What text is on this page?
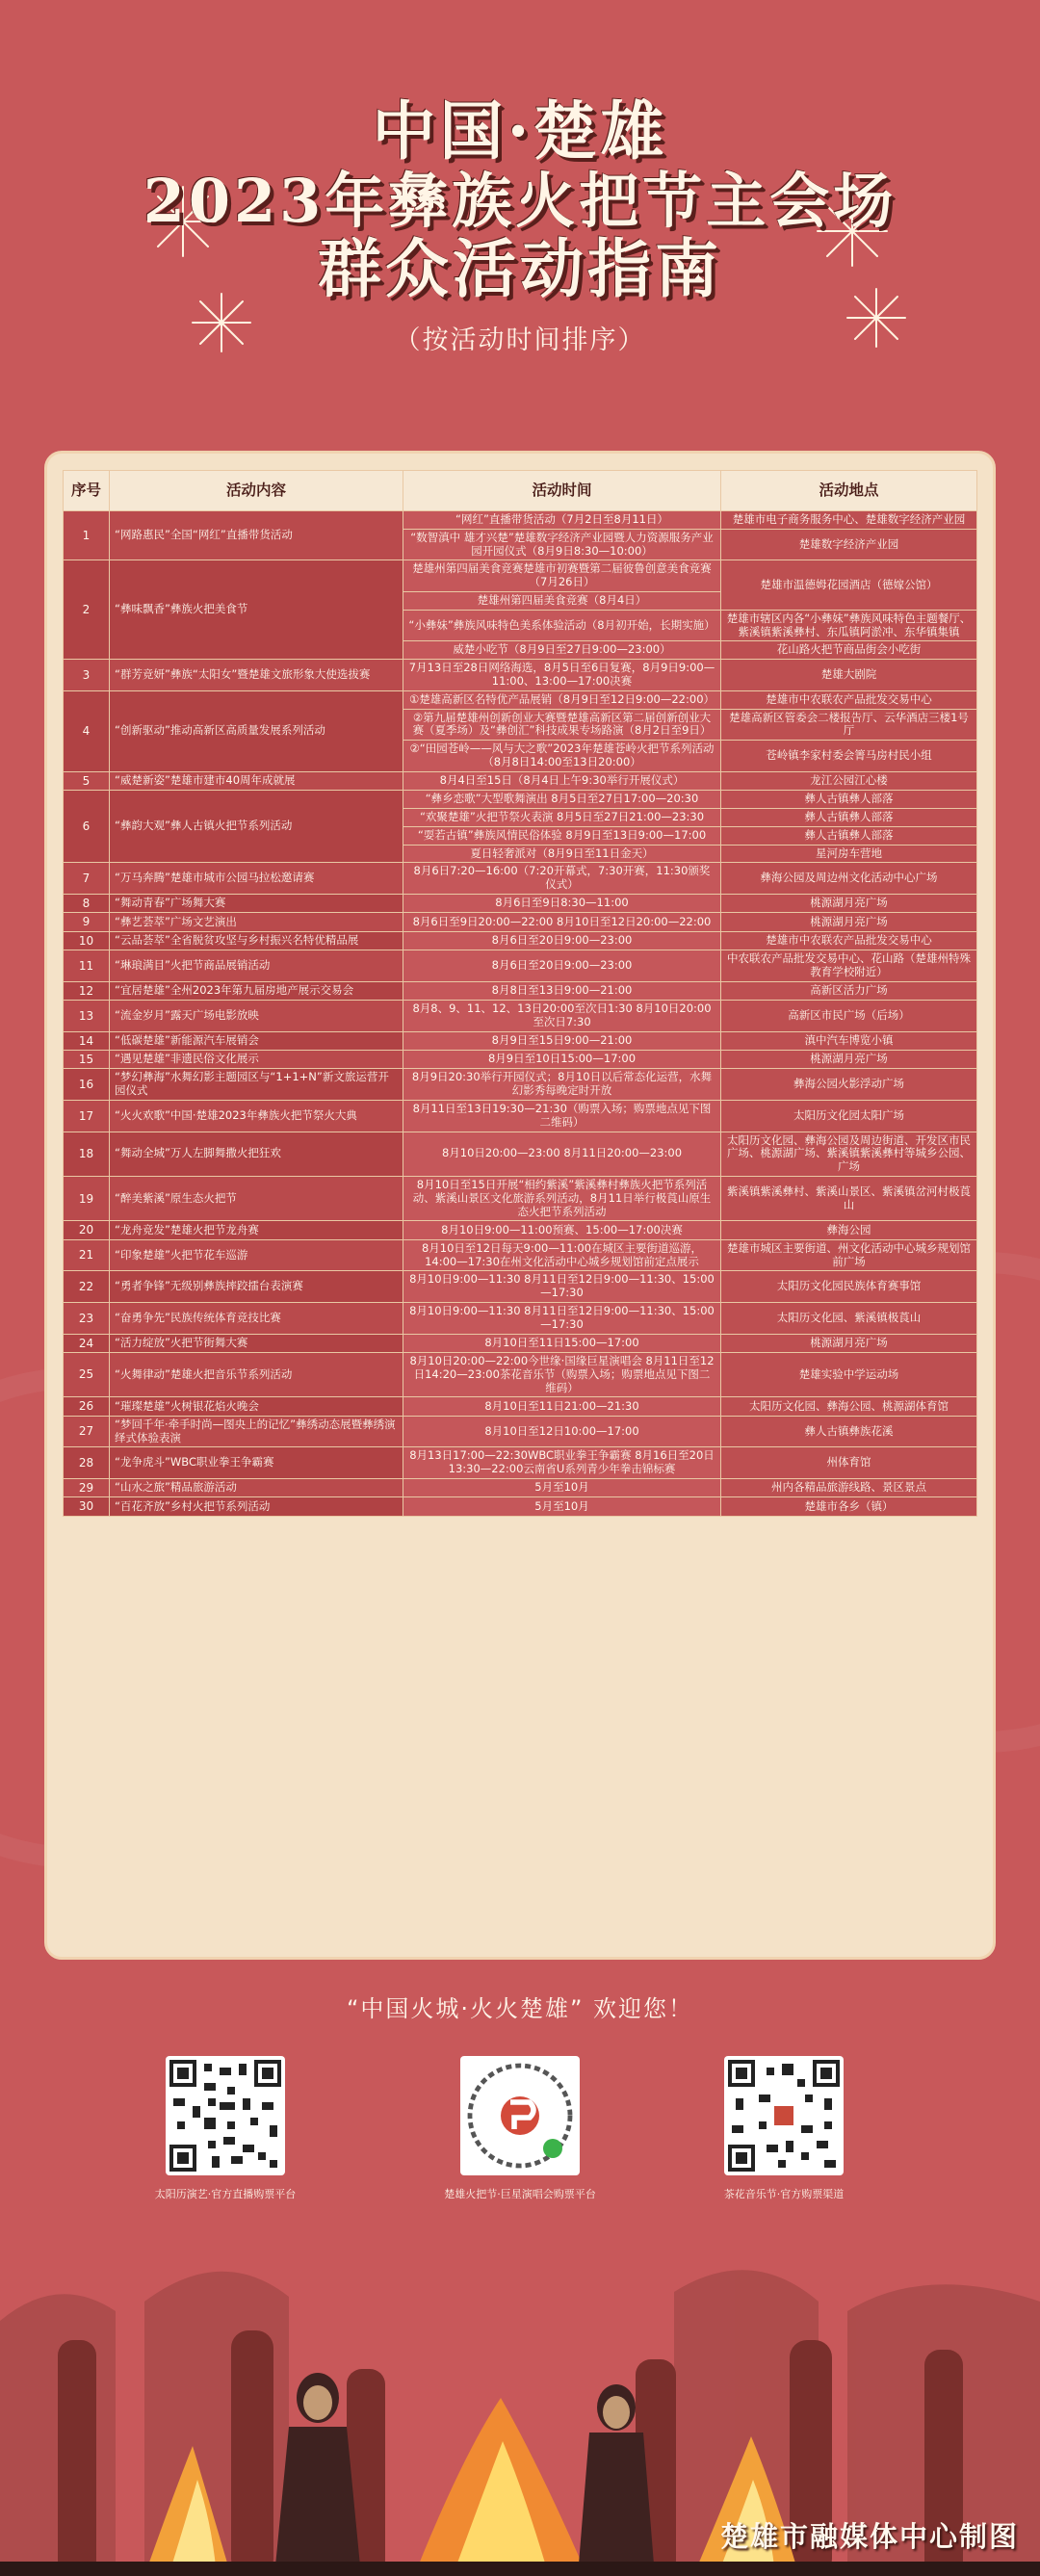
中国·楚雄
2023年彝族火把节主会场
群众活动指南
（按活动时间排序）
序号	活动内容	活动时间	活动地点
1	“网路惠民”全国“网红”直播带货活动	“网红”直播带货活动（7月2日至8月11日）	楚雄市电子商务服务中心、楚雄数字经济产业园
		“数智滇中 雄才兴楚”楚雄数字经济产业园暨人力资源服务产业园开园仪式（8月9日8:30—10:00）	楚雄数字经济产业园
2	“彝味飘香”彝族火把美食节	楚雄州第四届美食竞赛楚雄市初赛暨第二届彼鲁创意美食竞赛（7月26日）	楚雄市温德姆花园酒店（德嫁公馆）
		楚雄州第四届美食竞赛（8月4日）	
		“小彝妹”彝族风味特色美系体验活动（8月初开始，长期实施）	楚雄市辖区内各“小彝妹”彝族风味特色主题餐厅、紫溪镇紫溪彝村、东瓜镇阿淤冲、东华镇集镇
		威楚小吃节（8月9日至27日9:00—23:00）	花山路火把节商品街会小吃街
3	“群芳竞妍”彝族“太阳女”暨楚雄文旅形象大使选拔赛	7月13日至28日网络海选，8月5日至6日复赛，8月9日9:00—11:00、13:00—17:00决赛	楚雄大剧院
4	“创新驱动”推动高新区高质量发展系列活动	①楚雄高新区名特优产品展销（8月9日至12日9:00—22:00）	楚雄市中农联农产品批发交易中心
		②第九届楚雄州创新创业大赛暨楚雄高新区第二届创新创业大赛（夏季场）及“彝创汇”科技成果专场路演（8月2日至9日）	楚雄高新区管委会二楼报告厅、云华酒店三楼1号厅
		②“田园苍岭——风与大之歌”2023年楚雄苍岭火把节系列活动（8月8日14:00至13日20:00）	苍岭镇李家村委会箐马房村民小组
5	“威楚新姿”楚雄市建市40周年成就展	8月4日至15日（8月4日上午9:30举行开展仪式）	龙江公园江心楼
6	“彝韵大观”彝人古镇火把节系列活动	“彝乡恋歌”大型歌舞演出 8月5日至27日17:00—20:30	彝人古镇彝人部落
		“欢聚楚雄”火把节祭火表演 8月5日至27日21:00—23:30	彝人古镇彝人部落
		“耍若古镇”彝族风情民俗体验 8月9日至13日9:00—17:00	彝人古镇彝人部落
		夏日轻奢派对（8月9日至11日金天）	星河房车营地
7	“万马奔腾”楚雄市城市公园马拉松邀请赛	8月6日7:20—16:00（7:20开幕式，7:30开赛，11:30颁奖仪式）	彝海公园及周边州文化活动中心广场
8	“舞动青春”广场舞大赛	8月6日至9日8:30—11:00	桃源湖月亮广场
9	“彝艺荟萃”广场文艺演出	8月6日至9日20:00—22:00 8月10日至12日20:00—22:00	桃源湖月亮广场
10	“云品荟萃”全省脱贫攻坚与乡村振兴名特优精品展	8月6日至20日9:00—23:00	楚雄市中农联农产品批发交易中心
11	“琳琅满目”火把节商品展销活动	8月6日至20日9:00—23:00	中农联农产品批发交易中心、花山路（楚雄州特殊教育学校附近）
12	“宜居楚雄”全州2023年第九届房地产展示交易会	8月8日至13日9:00—21:00	高新区活力广场
13	“流金岁月”露天广场电影放映	8月8、9、11、12、13日20:00至次日1:30 8月10日20:00至次日7:30	高新区市民广场（后场）
14	“低碳楚雄”新能源汽车展销会	8月9日至15日9:00—21:00	滇中汽车博览小镇
15	“遇见楚雄”非遗民俗文化展示	8月9日至10日15:00—17:00	桃源湖月亮广场
16	“梦幻彝海”水舞幻影主题园区与“1+1+N”新文旅运营开园仪式	8月9日20:30举行开园仪式；8月10日以后常态化运营，水舞幻影秀每晚定时开放	彝海公园火影浮动广场
17	“火火欢歌”中国·楚雄2023年彝族火把节祭火大典	8月11日至13日19:30—21:30（购票入场；购票地点见下图二维码）	太阳历文化园太阳广场
18	“舞动全城”万人左脚舞撒火把狂欢	8月10日20:00—23:00 8月11日20:00—23:00	太阳历文化园、彝海公园及周边街道、开发区市民广场、桃源湖广场、紫溪镇紫溪彝村等城乡公园、广场
19	“醉美紫溪”原生态火把节	8月10日至15日开展“相约紫溪”紫溪彝村彝族火把节系列活动、紫溪山景区文化旅游系列活动，8月11日举行极莨山原生态火把节系列活动	紫溪镇紫溪彝村、紫溪山景区、紫溪镇岔河村极莨山
20	“龙舟竞发”楚雄火把节龙舟赛	8月10日9:00—11:00预赛、15:00—17:00决赛	彝海公园
21	“印象楚雄”火把节花车巡游	8月10日至12日每天9:00—11:00在城区主要街道巡游，14:00—17:30在州文化活动中心城乡规划馆前定点展示	楚雄市城区主要街道、州文化活动中心城乡规划馆前广场
22	“勇者争锋”无级别彝族摔跤擂台表演赛	8月10日9:00—11:30 8月11日至12日9:00—11:30、15:00—17:30	太阳历文化园民族体育赛事馆
23	“奋勇争先”民族传统体育竞技比赛	8月10日9:00—11:30 8月11日至12日9:00—11:30、15:00—17:30	太阳历文化园、紫溪镇极莨山
24	“活力绽放”火把节街舞大赛	8月10日至11日15:00—17:00	桃源湖月亮广场
25	“火舞律动”楚雄火把音乐节系列活动	8月10日20:00—22:00今世缘·国缘巨星演唱会 8月11日至12日14:20—23:00茶花音乐节（购票入场；购票地点见下图二维码）	楚雄实验中学运动场
26	“璀璨楚雄”火树银花焰火晚会	8月10日至11日21:00—21:30	太阳历文化园、彝海公园、桃源湖体育馆
27	“梦回千年·牵手时尚—图央上的记忆”彝绣动态展暨彝绣演绎式体验表演	8月10日至12日10:00—17:00	彝人古镇彝族花溪
28	“龙争虎斗”WBC职业拳王争霸赛	8月13日17:00—22:30WBC职业拳王争霸赛 8月16日至20日13:30—22:00云南省U系列青少年拳击锦标赛	州体育馆
29	“山水之旅”精品旅游活动	5月至10月	州内各精品旅游线路、景区景点
30	“百花齐放”乡村火把节系列活动	5月至10月	楚雄市各乡（镇）
“中国火城·火火楚雄” 欢迎您！
太阳历演艺·官方直播购票平台	楚雄火把节·巨星演唱会购票平台	茶花音乐节·官方购票渠道
楚雄市融媒体中心制图
